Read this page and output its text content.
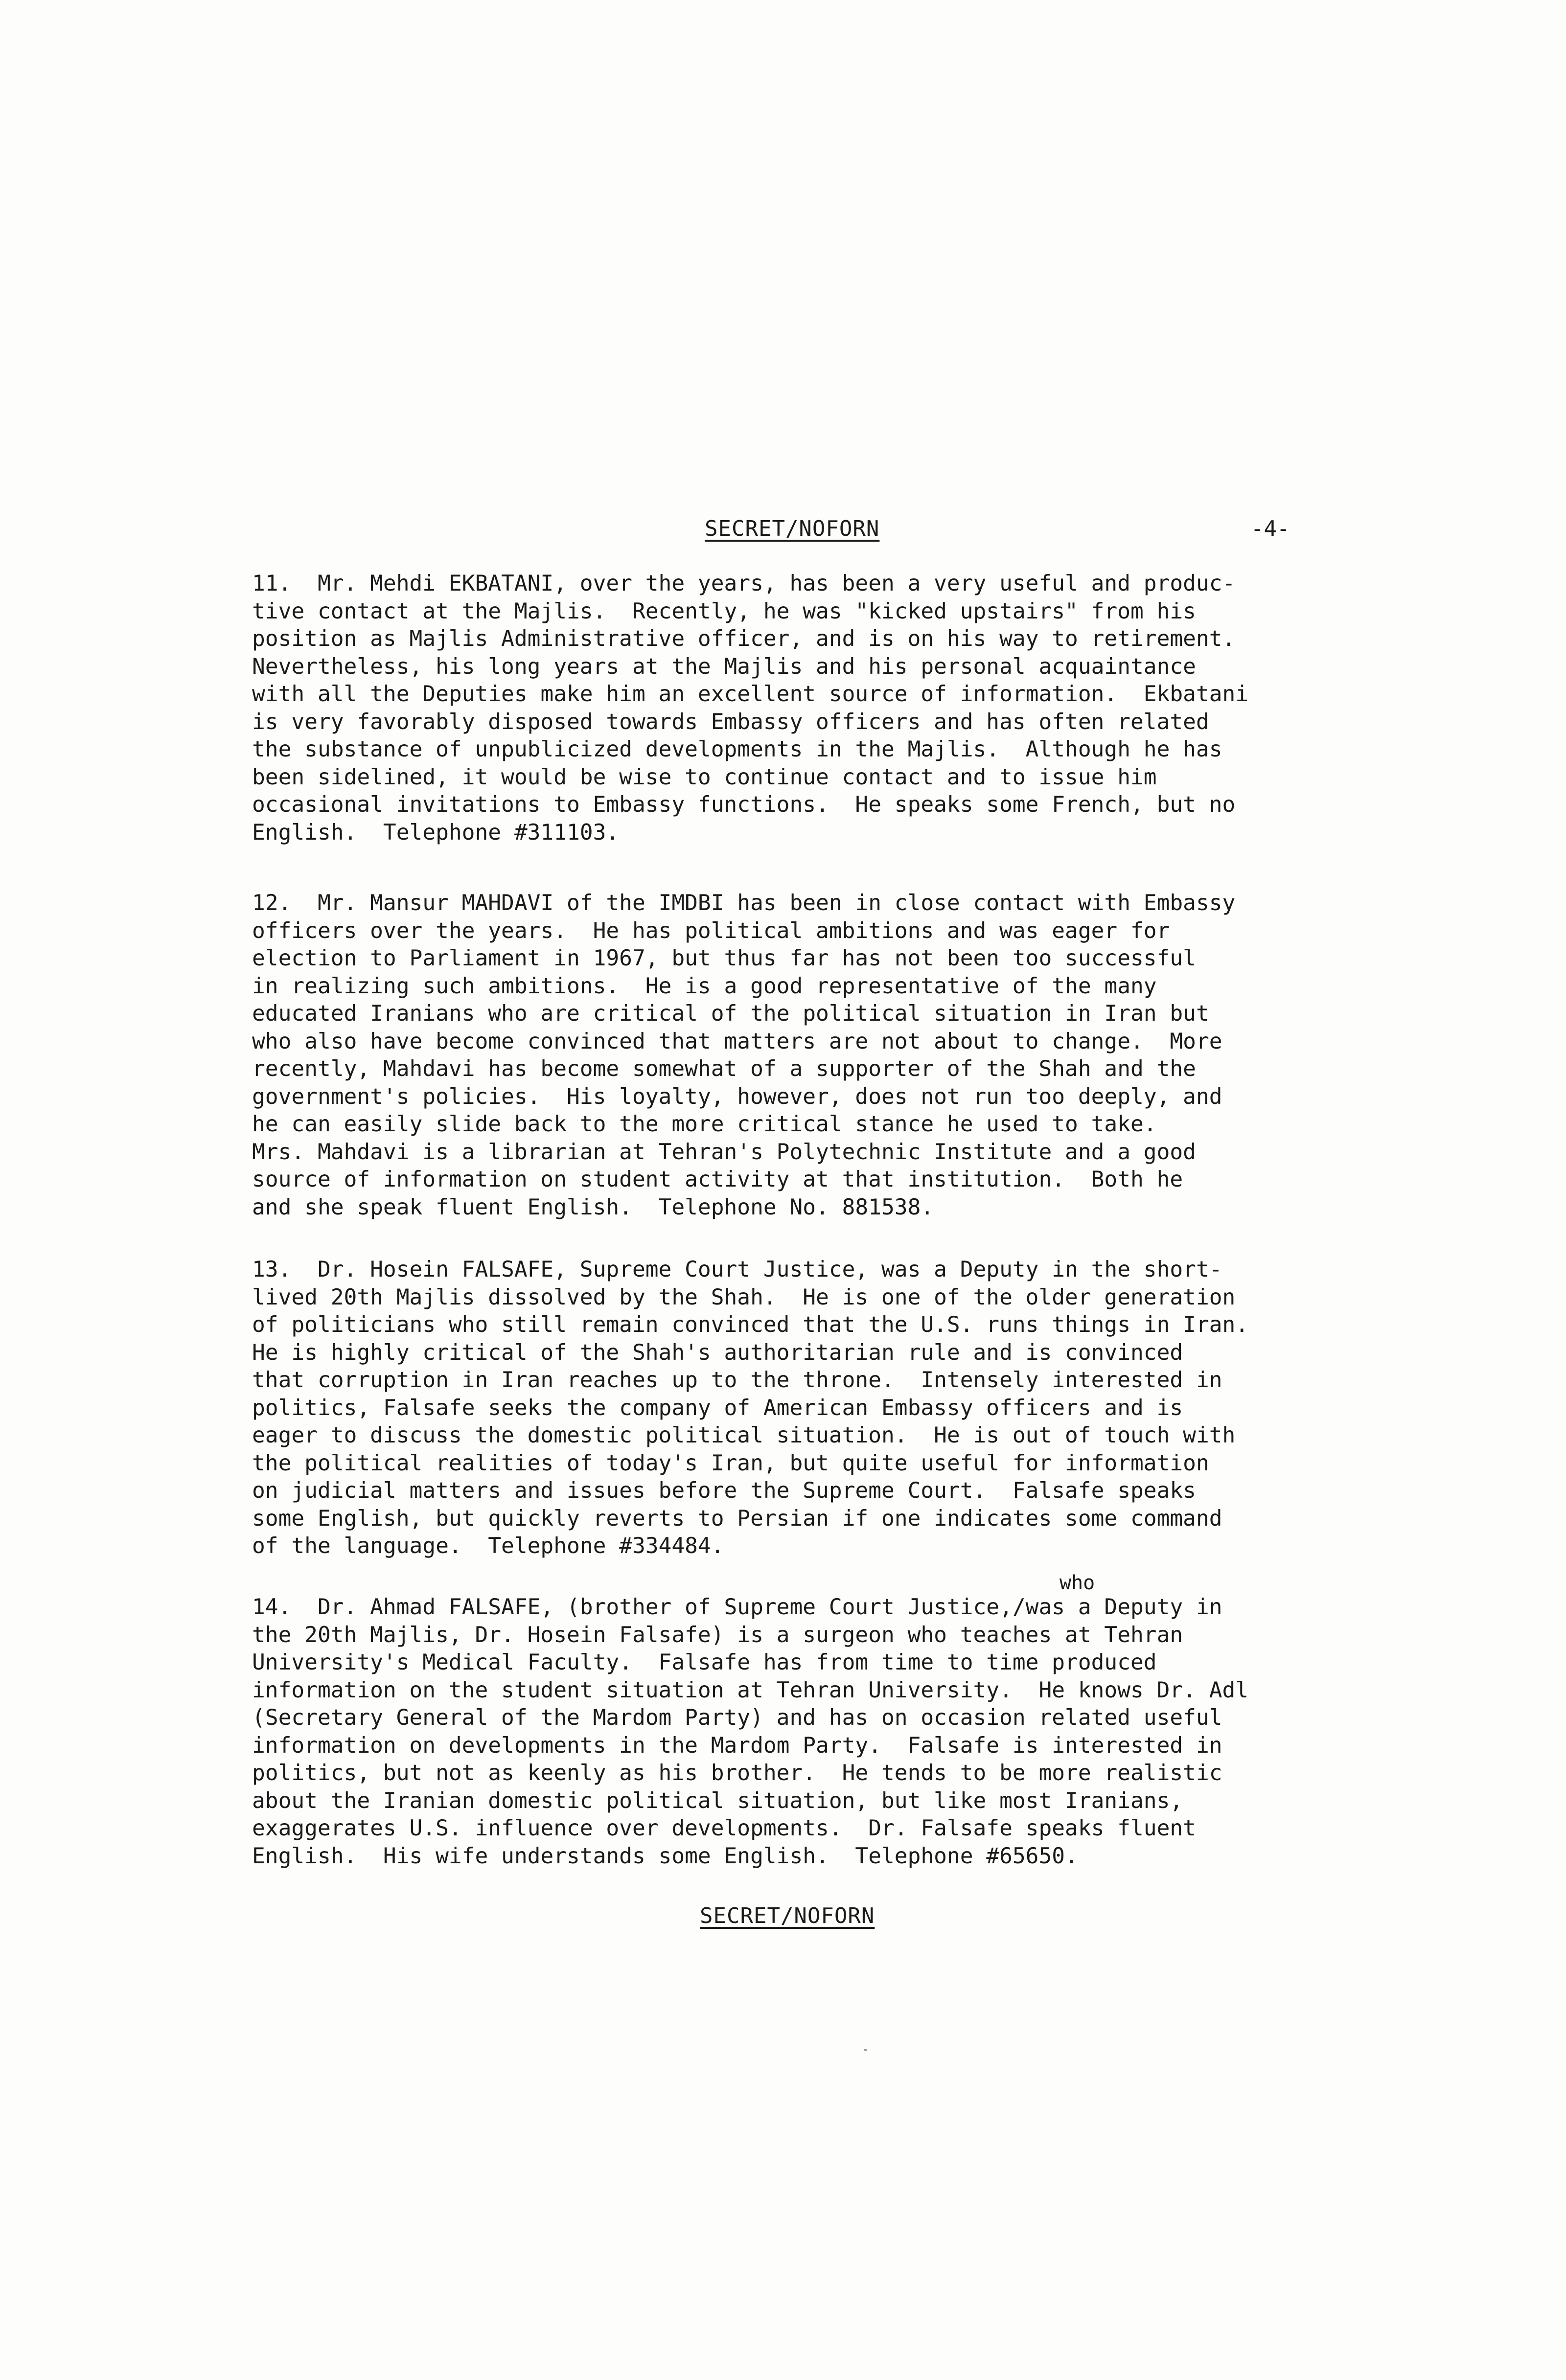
SECRET/NOFORN	-4-
11.  Mr. Mehdi EKBATANI, over the years, has been a very useful and produc-
tive contact at the Majlis.  Recently, he was "kicked upstairs" from his
position as Majlis Administrative officer, and is on his way to retirement.
Nevertheless, his long years at the Majlis and his personal acquaintance
with all the Deputies make him an excellent source of information.  Ekbatani
is very favorably disposed towards Embassy officers and has often related
the substance of unpublicized developments in the Majlis.  Although he has
been sidelined, it would be wise to continue contact and to issue him
occasional invitations to Embassy functions.  He speaks some French, but no
English.  Telephone #311103.
12.  Mr. Mansur MAHDAVI of the IMDBI has been in close contact with Embassy
officers over the years.  He has political ambitions and was eager for
election to Parliament in 1967, but thus far has not been too successful
in realizing such ambitions.  He is a good representative of the many
educated Iranians who are critical of the political situation in Iran but
who also have become convinced that matters are not about to change.  More
recently, Mahdavi has become somewhat of a supporter of the Shah and the
government's policies.  His loyalty, however, does not run too deeply, and
he can easily slide back to the more critical stance he used to take.
Mrs. Mahdavi is a librarian at Tehran's Polytechnic Institute and a good
source of information on student activity at that institution.  Both he
and she speak fluent English.  Telephone No. 881538.
13.  Dr. Hosein FALSAFE, Supreme Court Justice, was a Deputy in the short-
lived 20th Majlis dissolved by the Shah.  He is one of the older generation
of politicians who still remain convinced that the U.S. runs things in Iran.
He is highly critical of the Shah's authoritarian rule and is convinced
that corruption in Iran reaches up to the throne.  Intensely interested in
politics, Falsafe seeks the company of American Embassy officers and is
eager to discuss the domestic political situation.  He is out of touch with
the political realities of today's Iran, but quite useful for information
on judicial matters and issues before the Supreme Court.  Falsafe speaks
some English, but quickly reverts to Persian if one indicates some command
of the language.  Telephone #334484.
who
14.  Dr. Ahmad FALSAFE, (brother of Supreme Court Justice,/was a Deputy in
the 20th Majlis, Dr. Hosein Falsafe) is a surgeon who teaches at Tehran
University's Medical Faculty.  Falsafe has from time to time produced
information on the student situation at Tehran University.  He knows Dr. Adl
(Secretary General of the Mardom Party) and has on occasion related useful
information on developments in the Mardom Party.  Falsafe is interested in
politics, but not as keenly as his brother.  He tends to be more realistic
about the Iranian domestic political situation, but like most Iranians,
exaggerates U.S. influence over developments.  Dr. Falsafe speaks fluent
English.  His wife understands some English.  Telephone #65650.
SECRET/NOFORN
